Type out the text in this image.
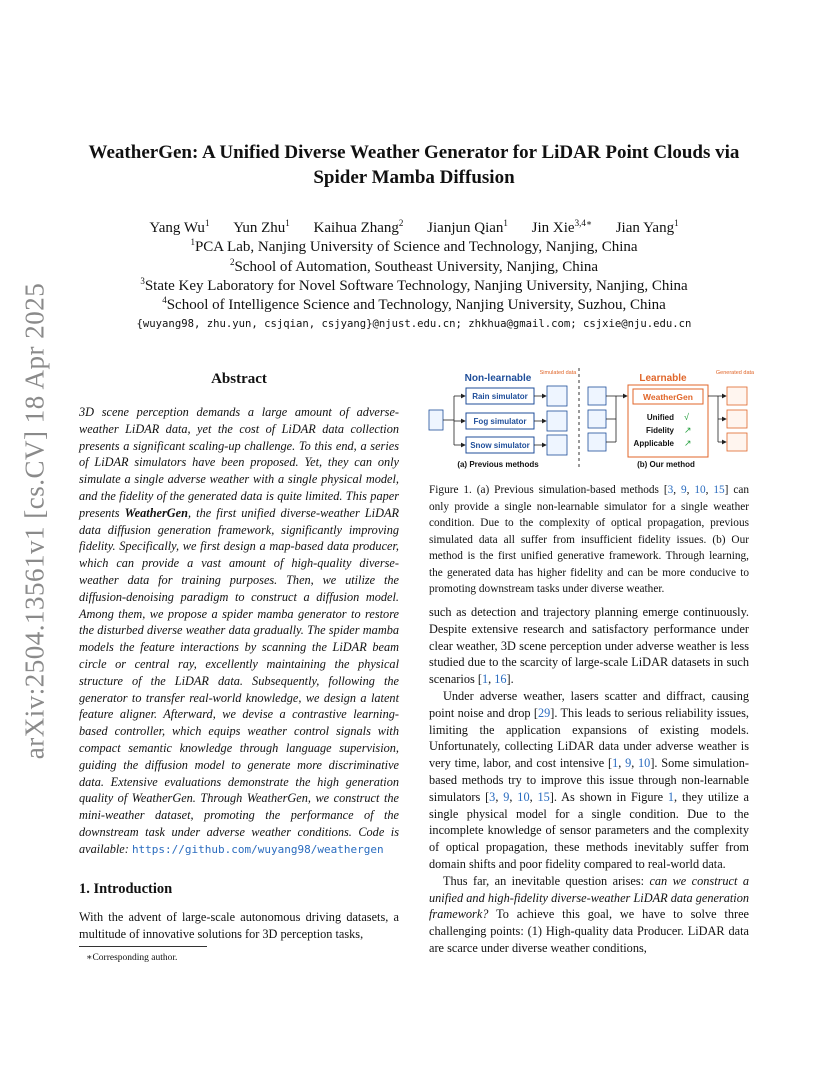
arXiv:2504.13561v1 [cs.CV] 18 Apr 2025
WeatherGen: A Unified Diverse Weather Generator for LiDAR Point Clouds via
Spider Mamba Diffusion
Yang Wu$^1$ Yun Zhu$^1$ Kaihua Zhang$^2$ Jianjun Qian$^1$ Jin Xie$^{3,4∗}$ Jian Yang$^1$
$^1$PCA Lab, Nanjing University of Science and Technology, Nanjing, China
$^2$School of Automation, Southeast University, Nanjing, China
$^3$State Key Laboratory for Novel Software Technology, Nanjing University, Nanjing, China
$^4$School of Intelligence Science and Technology, Nanjing University, Suzhou, China
{wuyang98, zhu.yun, csjqian, csjyang}@njust.edu.cn; zhkhua@gmail.com; csjxie@nju.edu.cn
Abstract
3D scene perception demands a large amount of adverse-weather LiDAR data, yet the cost of LiDAR data collection presents a significant scaling-up challenge. To this end, a series of LiDAR simulators have been proposed. Yet, they can only simulate a single adverse weather with a single physical model, and the fidelity of the generated data is quite limited. This paper presents WeatherGen, the first unified diverse-weather LiDAR data diffusion generation framework, significantly improving fidelity. Specifically, we first design a map-based data producer, which can provide a vast amount of high-quality diverse-weather data for training purposes. Then, we utilize the diffusion-denoising paradigm to construct a diffusion model. Among them, we propose a spider mamba generator to restore the disturbed diverse weather data gradually. The spider mamba models the feature interactions by scanning the LiDAR beam circle or central ray, excellently maintaining the physical structure of the LiDAR data. Subsequently, following the generator to transfer real-world knowledge, we design a latent feature aligner. Afterward, we devise a contrastive learning-based controller, which equips weather control signals with compact semantic knowledge through language supervision, guiding the diffusion model to generate more discriminative data. Extensive evaluations demonstrate the high generation quality of WeatherGen. Through WeatherGen, we construct the mini-weather dataset, promoting the performance of the downstream task under adverse weather conditions. Code is available: https://github.com/wuyang98/weathergen
1. Introduction
With the advent of large-scale autonomous driving datasets, a multitude of innovative solutions for 3D perception tasks,
∗Corresponding author.
Non-learnable Simulated data
Rain simulator
Fog simulator
Snow simulator
(a) Previous methods
Learnable	Generated data
WeatherGen
Unified √
Fidelity ↗
Applicable ↗
(b) Our method
Figure 1. (a) Previous simulation-based methods [3, 9, 10, 15] can only provide a single non-learnable simulator for a single weather condition. Due to the complexity of optical propagation, previous simulated data all suffer from insufficient fidelity issues. (b) Our method is the first unified generative framework. Through learning, the generated data has higher fidelity and can be more conducive to promoting downstream tasks under diverse weather.
such as detection and trajectory planning emerge continuously. Despite extensive research and satisfactory performance under clear weather, 3D scene perception under adverse weather is less studied due to the scarcity of large-scale LiDAR datasets in such scenarios [1, 16].
Under adverse weather, lasers scatter and diffract, causing point noise and drop [29]. This leads to serious reliability issues, limiting the application expansions of existing models. Unfortunately, collecting LiDAR data under adverse weather is very time, labor, and cost intensive [1, 9, 10]. Some simulation-based methods try to improve this issue through non-learnable simulators [3, 9, 10, 15]. As shown in Figure 1, they utilize a single physical model for a single condition. Due to the incomplete knowledge of sensor parameters and the complexity of optical propagation, these methods inevitably suffer from domain shifts and poor fidelity compared to real-world data.
Thus far, an inevitable question arises: can we construct a unified and high-fidelity diverse-weather LiDAR data generation framework? To achieve this goal, we have to solve three challenging points: (1) High-quality data Producer. LiDAR data are scarce under diverse weather conditions,
